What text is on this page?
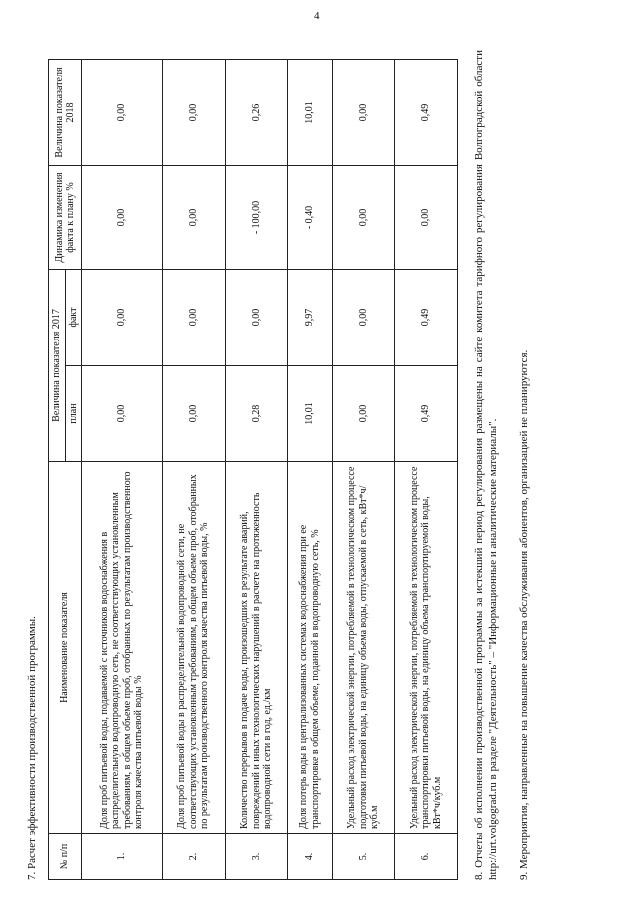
4
7. Расчет эффективности производственной программы. № п/п	Наименование показателя	Величина показателя 2017		Динамика изменения факта к плану %	Величина показателя 2018
		план	факт		
1.	Доля проб питьевой воды, подаваемой с источников водоснабжения в распределительную водопроводную сеть, не соответствующих установленным требованиям, в общем объеме проб, отобранных по результатам производственного контроля качества питьевой воды %	0,00	0,00	0,00	0,00
2.	Доля проб питьевой воды в распределительной водопроводной сети, не соответствующих установленным требованиям, в общем объеме проб, отобранных по результатам производственного контроля качества питьевой воды, %	0,00	0,00	0,00	0,00
3.	Количество перерывов в подаче воды, произошедших в результате аварий, повреждений и иных технологических нарушений в расчете на протяженность водопроводной сети в год, ед./км	0,28	0,00	- 100,00	0,26
4.	Доля потерь воды в централизованных системах водоснабжения при ее транспортировке в общем объеме, поданной в водопроводную сеть, %	10,01	9,97	- 0,40	10,01
5.	Удельный расход электрической энергии, потребляемой в технологическом процессе подготовки питьевой воды, на единицу объема воды, отпускаемой в сеть, кВт*ч/куб.м	0,00	0,00	0,00	0,00
6.	Удельный расход электрической энергии, потребляемой в технологическом процессе транспортировки питьевой воды, на единицу объема транспортируемой воды, кВт*ч/куб.м	0,49	0,49	0,00	0,49	8. Отчеты об исполнении производственной программы за истекший период регулирования размещены на сайте комитета тарифного регулирования Волгоградской области http://urt.volgograd.ru в разделе "Деятельность" – "Информационные и аналитические материалы". 9. Мероприятия, направленные на повышение качества обслуживания абонентов, организацией не планируются.
